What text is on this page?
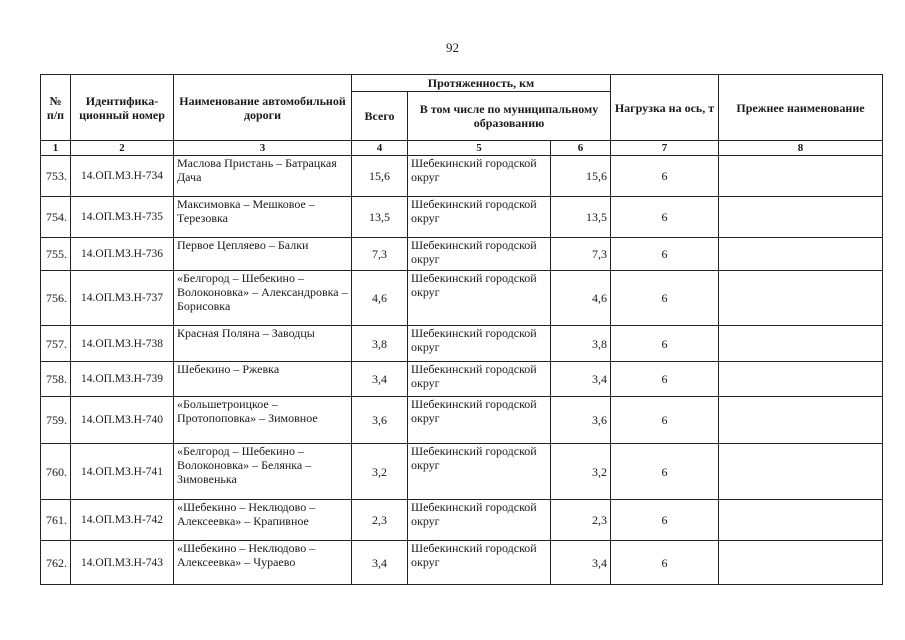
92
№ п/п	Идентифика-ционный номер	Наименование автомобильной дороги	Протяженность, км			Нагрузка на ось, т	Прежнее наименование
			Всего	В том числе по муниципальному образованию			
1	2	3	4	5	6	7	8
753.	14.ОП.МЗ.Н-734	Маслова Пристань – Батрацкая Дача	15,6	Шебекинский городской округ	15,6	6	
754.	14.ОП.МЗ.Н-735	Максимовка – Мешковое – Терезовка	13,5	Шебекинский городской округ	13,5	6	
755.	14.ОП.МЗ.Н-736	Первое Цепляево – Балки	7,3	Шебекинский городской округ	7,3	6	
756.	14.ОП.МЗ.Н-737	«Белгород – Шебекино – Волоконовка» – Александровка – Борисовка	4,6	Шебекинский городской округ	4,6	6	
757.	14.ОП.МЗ.Н-738	Красная Поляна – Заводцы	3,8	Шебекинский городской округ	3,8	6	
758.	14.ОП.МЗ.Н-739	Шебекино – Ржевка	3,4	Шебекинский городской округ	3,4	6	
759.	14.ОП.МЗ.Н-740	«Большетроицкое – Протопоповка» – Зимовное	3,6	Шебекинский городской округ	3,6	6	
760.	14.ОП.МЗ.Н-741	«Белгород – Шебекино – Волоконовка» – Белянка – Зимовенька	3,2	Шебекинский городской округ	3,2	6	
761.	14.ОП.МЗ.Н-742	«Шебекино – Неклюдово – Алексеевка» – Крапивное	2,3	Шебекинский городской округ	2,3	6	
762.	14.ОП.МЗ.Н-743	«Шебекино – Неклюдово – Алексеевка» – Чураево	3,4	Шебекинский городской округ	3,4	6	
